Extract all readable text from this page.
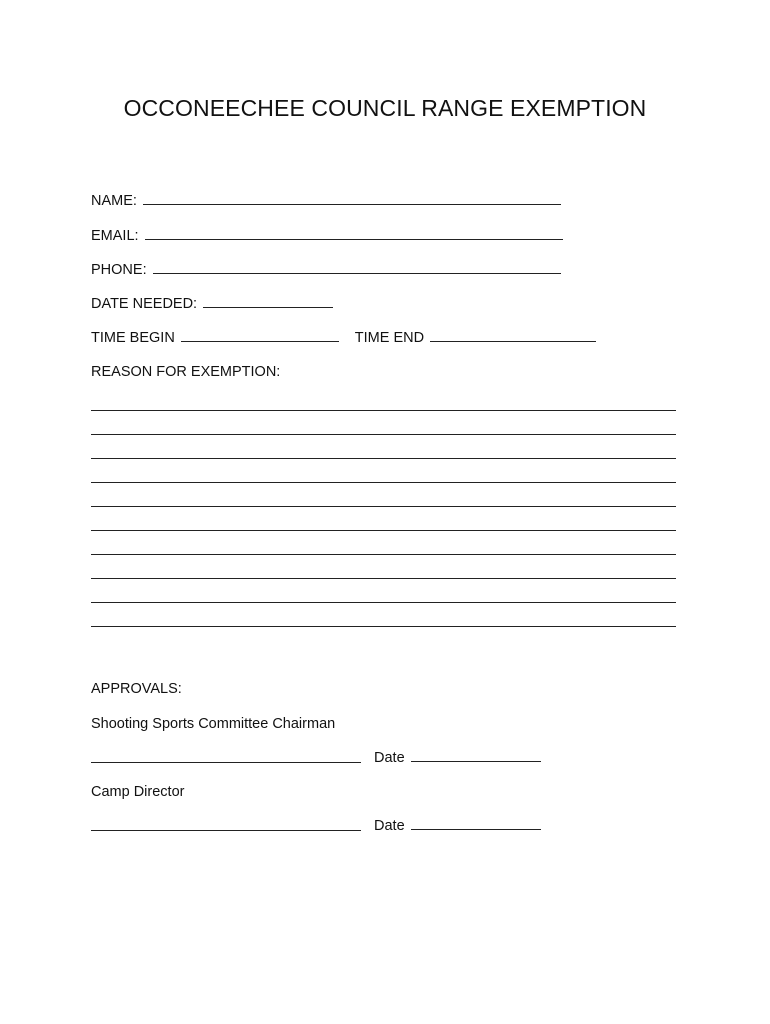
OCCONEECHEE COUNCIL RANGE EXEMPTION
NAME:
EMAIL:
PHONE:
DATE NEEDED:
TIME BEGIN	TIME END
REASON FOR EXEMPTION:
APPROVALS:
Shooting Sports Committee Chairman
Date
Camp Director
Date
